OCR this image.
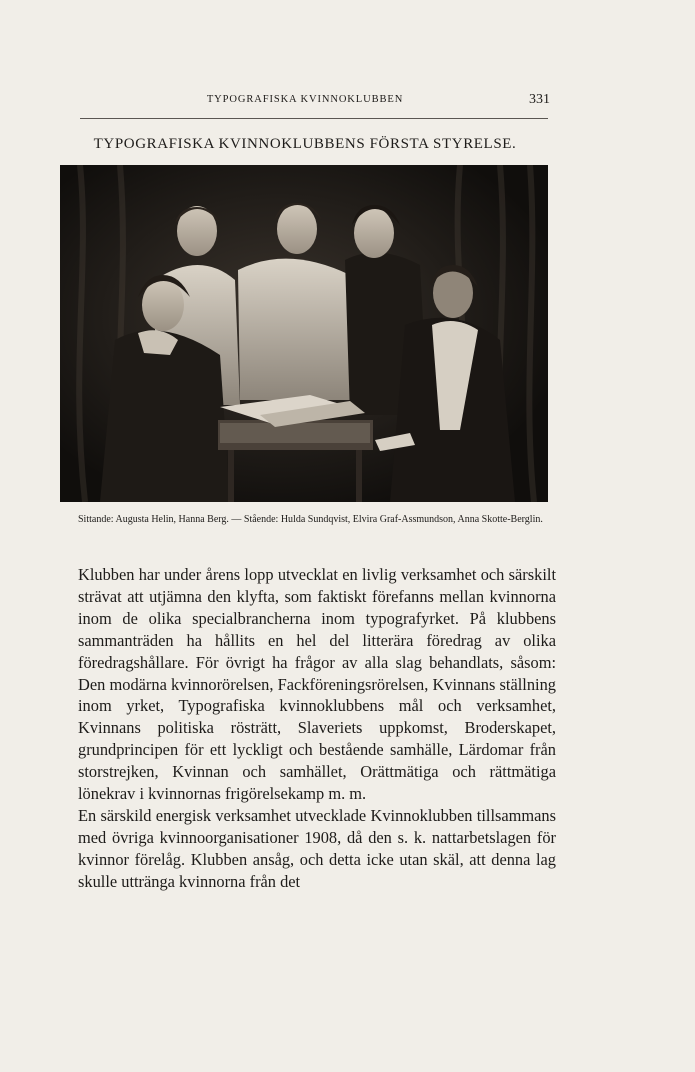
TYPOGRAFISKA KVINNOKLUBBEN	331
TYPOGRAFISKA KVINNOKLUBBENS FÖRSTA STYRELSE.
Sittande: Augusta Helin, Hanna Berg. — Stående: Hulda Sundqvist, Elvira Graf-Assmundson, Anna Skotte-Berglin.

Klubben har under årens lopp utvecklat en livlig verksamhet och särskilt strävat att utjämna den klyfta, som faktiskt förefanns mellan kvinnorna inom de olika specialbrancherna inom typografyrket. På klubbens sammanträden ha hållits en hel del litterära föredrag av olika föredragshållare. För övrigt ha frågor av alla slag behandlats, såsom: Den modärna kvinnorörelsen, Fackföreningsrörelsen, Kvinnans ställning inom yrket, Typografiska kvinnoklubbens mål och verksamhet, Kvinnans politiska rösträtt, Slaveriets uppkomst, Broderskapet, grundprincipen för ett lyckligt och bestående samhälle, Lärdomar från storstrejken, Kvinnan och samhället, Orättmätiga och rättmätiga lönekrav i kvinnornas frigörelsekamp m. m.

En särskild energisk verksamhet utvecklade Kvinnoklubben tillsammans med övriga kvinnoorganisationer 1908, då den s. k. nattarbetslagen för kvinnor förelåg. Klubben ansåg, och detta icke utan skäl, att denna lag skulle uttränga kvinnorna från det
